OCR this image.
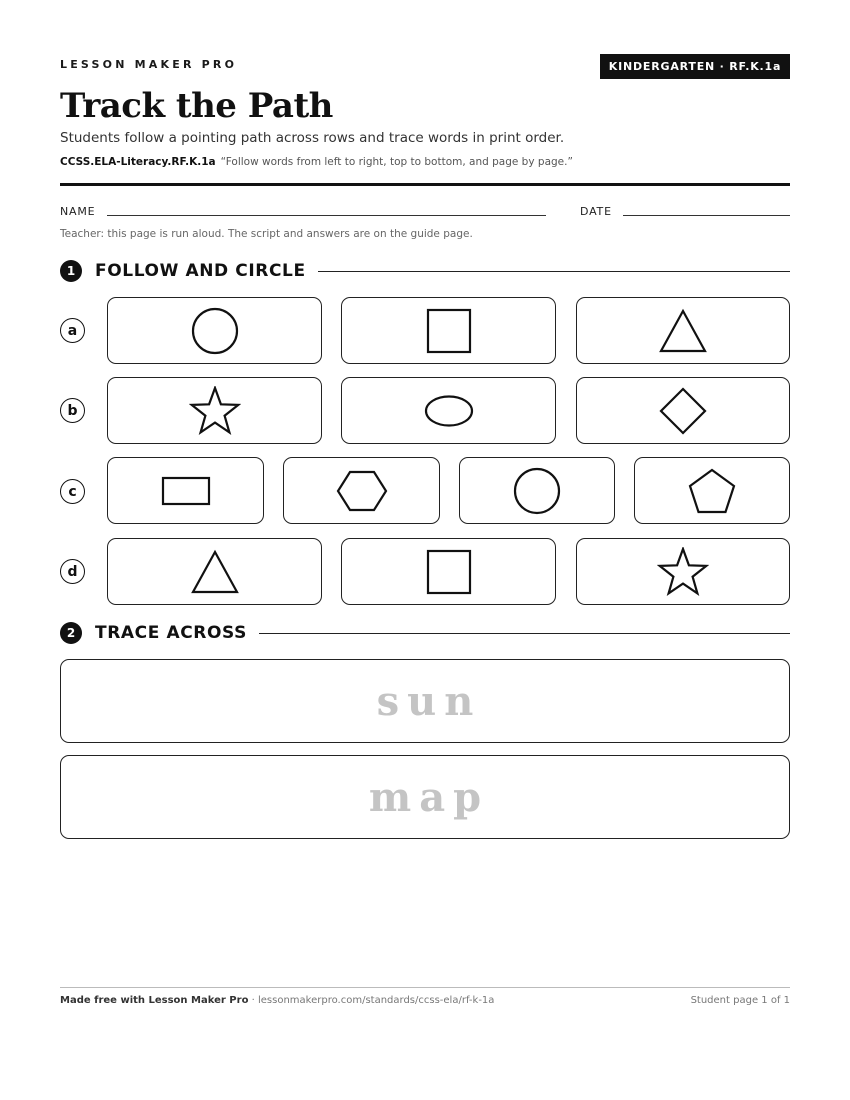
LESSON MAKER PRO	KINDERGARTEN · RF.K.1a
Track the Path
Students follow a pointing path across rows and trace words in print order.
CCSS.ELA-Literacy.RF.K.1a “Follow words from left to right, top to bottom, and page by page.”
NAME	DATE
Teacher: this page is run aloud. The script and answers are on the guide page.
1	FOLLOW AND CIRCLE
a
b
c
d
2	TRACE ACROSS
sun
map
Made free with Lesson Maker Pro · lessonmakerpro.com/standards/ccss-ela/rf-k-1a	Student page 1 of 1
